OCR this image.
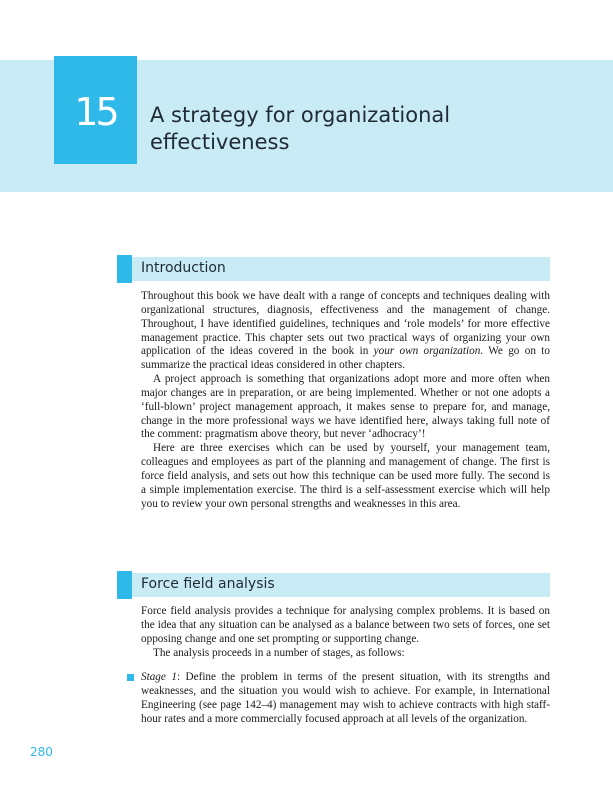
15	A strategy for organizational effectiveness
Introduction

Throughout this book we have dealt with a range of concepts and techniques dealing with organizational structures, diagnosis, effectiveness and the management of change. Throughout, I have identified guidelines, techniques and ‘role models’ for more effective management practice. This chapter sets out two practical ways of organizing your own application of the ideas covered in the book in your own organization. We go on to summarize the practical ideas considered in other chapters.

A project approach is something that organizations adopt more and more often when major changes are in preparation, or are being implemented. Whether or not one adopts a ‘full-blown’ project management approach, it makes sense to prepare for, and manage, change in the more professional ways we have identified here, always taking full note of the comment: pragmatism above theory, but never ‘adhocracy’!

Here are three exercises which can be used by yourself, your management team, colleagues and employees as part of the planning and management of change. The first is force field analysis, and sets out how this technique can be used more fully. The second is a simple implementation exercise. The third is a self-assessment exercise which will help you to review your own personal strengths and weaknesses in this area.

Force field analysis

Force field analysis provides a technique for analysing complex problems. It is based on the idea that any situation can be analysed as a balance between two sets of forces, one set opposing change and one set prompting or supporting change.

The analysis proceeds in a number of stages, as follows:

Stage 1: Define the problem in terms of the present situation, with its strengths and weaknesses, and the situation you would wish to achieve. For example, in International Engineering (see page 142–4) management may wish to achieve contracts with high staff-hour rates and a more commercially focused approach at all levels of the organization.
280
